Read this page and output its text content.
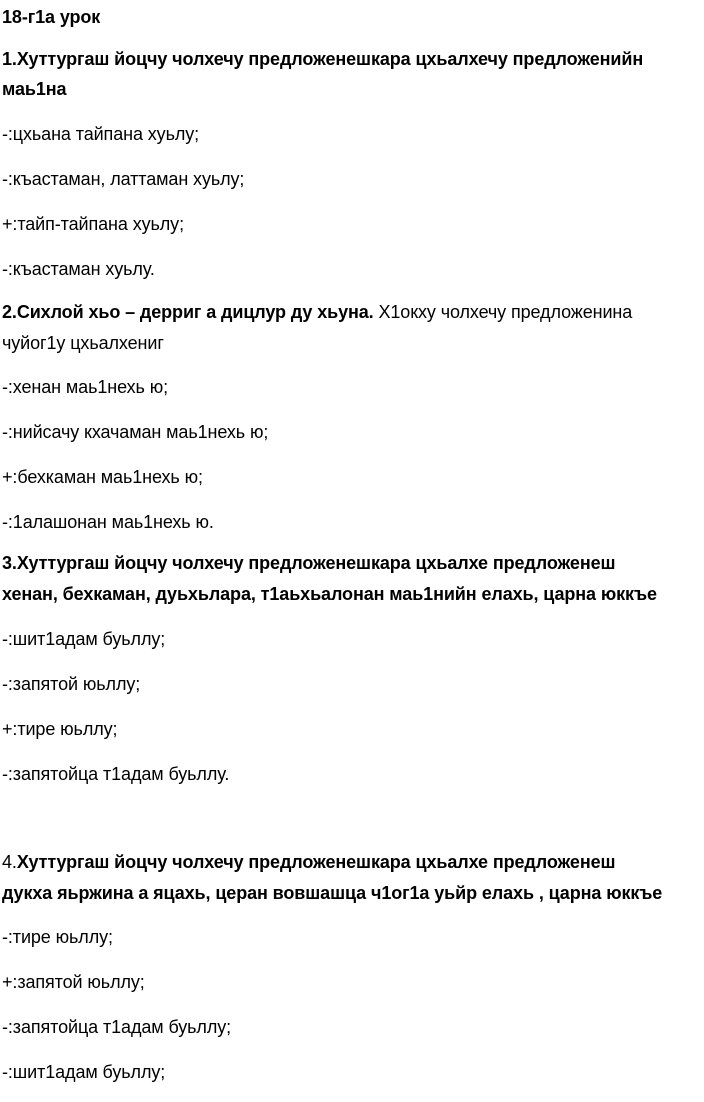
18-г1а урок
1.Хуттургаш йоцчу чолхечу предложенешкара цхьалхечу предложенийн
маь1на
-:цхьана тайпана хуьлу;
-:къастаман, латтаман хуьлу;
+:тайп-тайпана хуьлу;
-:къастаман хуьлу.
2.Сихлой хьо – дерриг а дицлур ду хьуна. Х1окху чолхечу предложенина
чуйог1у цхьалхениг
-:хенан маь1нехь ю;
-:нийсачу кхачаман маь1нехь ю;
+:бехкаман маь1нехь ю;
-:1алашонан маь1нехь ю.
3.Хуттургаш йоцчу чолхечу предложенешкара цхьалхе предложенеш
хенан, бехкаман, дуьхьлара, т1аьхьалонан маь1нийн елахь, царна юккъе
-:шит1адам буьллу;
-:запятой юьллу;
+:тире юьллу;
-:запятойца т1адам буьллу.
4.Хуттургаш йоцчу чолхечу предложенешкара цхьалхе предложенеш
дукха яьржина а яцахь, церан вовшашца ч1ог1а уьйр елахь , царна юккъе
-:тире юьллу;
+:запятой юьллу;
-:запятойца т1адам буьллу;
-:шит1адам буьллу;
